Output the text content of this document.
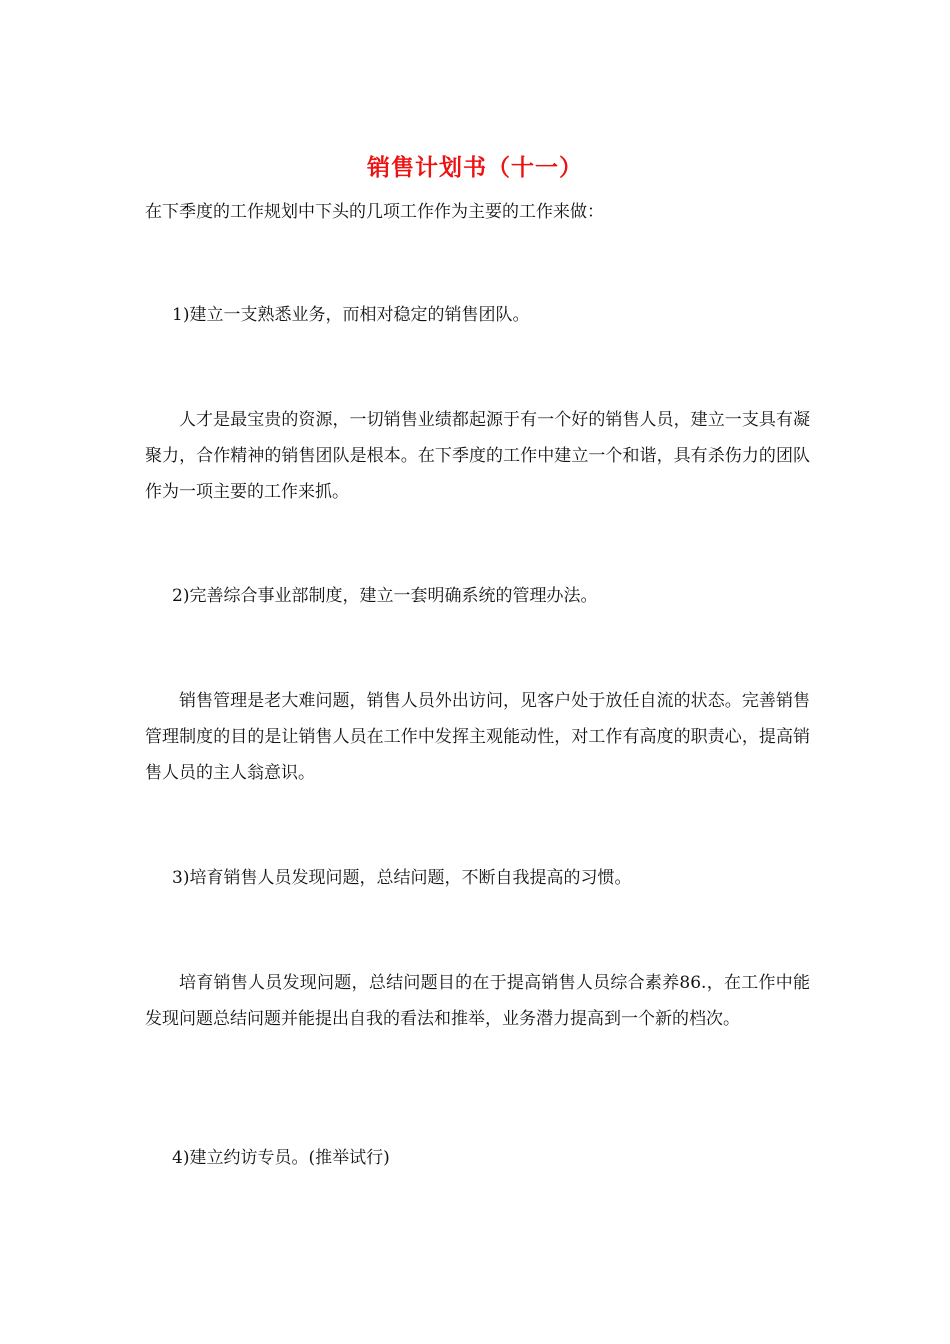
销售计划书（十一）

在下季度的工作规划中下头的几项工作作为主要的工作来做：

1)建立一支熟悉业务，而相对稳定的销售团队。

人才是最宝贵的资源，一切销售业绩都起源于有一个好的销售人员，建立一支具有凝聚力，合作精神的销售团队是根本。在下季度的工作中建立一个和谐，具有杀伤力的团队作为一项主要的工作来抓。

2)完善综合事业部制度，建立一套明确系统的管理办法。

销售管理是老大难问题，销售人员外出访问，见客户处于放任自流的状态。完善销售管理制度的目的是让销售人员在工作中发挥主观能动性，对工作有高度的职责心，提高销售人员的主人翁意识。

3)培育销售人员发现问题，总结问题，不断自我提高的习惯。

培育销售人员发现问题，总结问题目的在于提高销售人员综合素养86.，在工作中能发现问题总结问题并能提出自我的看法和推举，业务潜力提高到一个新的档次。

4)建立约访专员。(推举试行)
